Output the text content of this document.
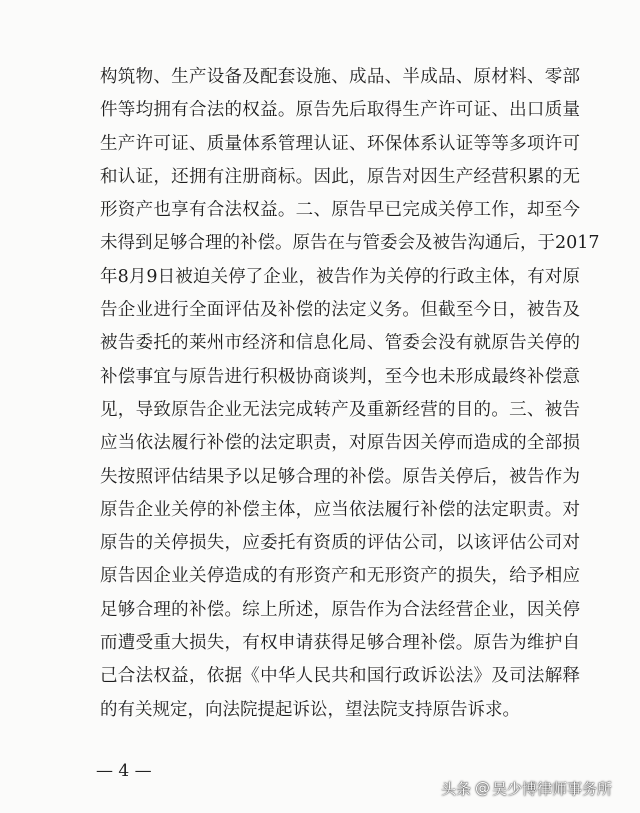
构筑物、生产设备及配套设施、成品、半成品、原材料、零部
件等均拥有合法的权益。原告先后取得生产许可证、出口质量
生产许可证、质量体系管理认证、环保体系认证等等多项许可
和认证，还拥有注册商标。因此，原告对因生产经营积累的无
形资产也享有合法权益。二、原告早已完成关停工作，却至今
未得到足够合理的补偿。原告在与管委会及被告沟通后，于2017
年8月9日被迫关停了企业，被告作为关停的行政主体，有对原
告企业进行全面评估及补偿的法定义务。但截至今日，被告及
被告委托的莱州市经济和信息化局、管委会没有就原告关停的
补偿事宜与原告进行积极协商谈判，至今也未形成最终补偿意
见，导致原告企业无法完成转产及重新经营的目的。三、被告
应当依法履行补偿的法定职责，对原告因关停而造成的全部损
失按照评估结果予以足够合理的补偿。原告关停后，被告作为
原告企业关停的补偿主体，应当依法履行补偿的法定职责。对
原告的关停损失，应委托有资质的评估公司，以该评估公司对
原告因企业关停造成的有形资产和无形资产的损失，给予相应
足够合理的补偿。综上所述，原告作为合法经营企业，因关停
而遭受重大损失，有权申请获得足够合理补偿。原告为维护自
己合法权益，依据《中华人民共和国行政诉讼法》及司法解释
的有关规定，向法院提起诉讼，望法院支持原告诉求。
— 4 —
头条 @ 吴少博律师事务所
